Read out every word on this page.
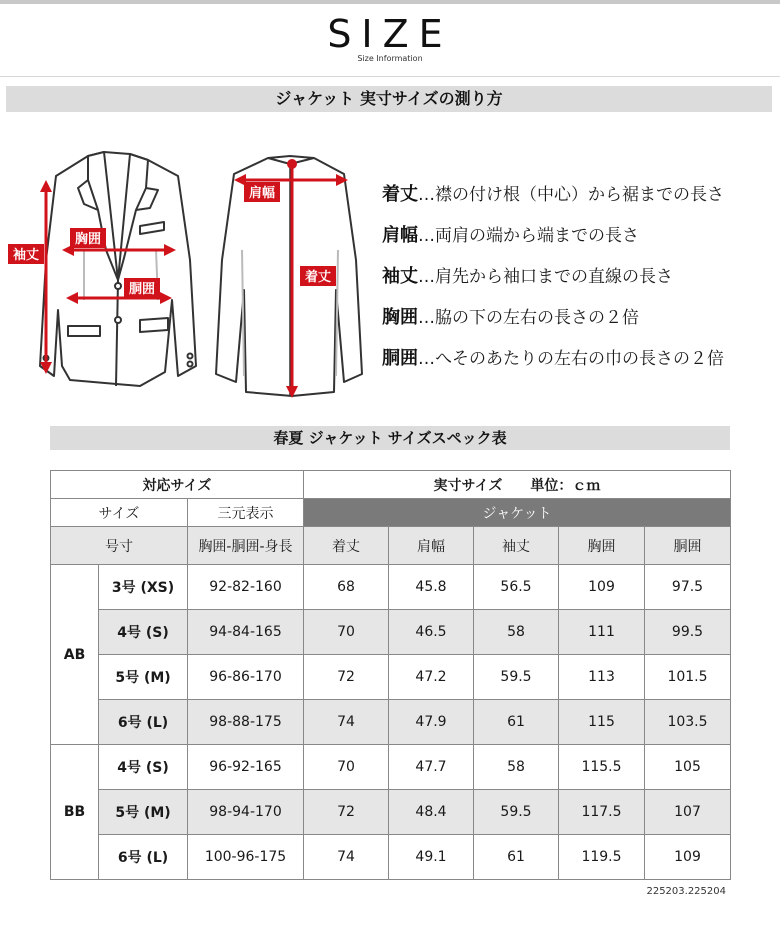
SIZE
Size Information
ジャケット 実寸サイズの測り方
袖丈
胸囲
胴囲
肩幅
着丈
着丈…襟の付け根（中心）から裾までの長さ
肩幅…両肩の端から端までの長さ
袖丈…肩先から袖口までの直線の長さ
胸囲…脇の下の左右の長さの２倍
胴囲…へそのあたりの左右の巾の長さの２倍
春夏 ジャケット サイズスペック表
対応サイズ			実寸サイズ　　単位：ｃｍ				
サイズ		三元表示	ジャケット				
号寸		胸囲-胴囲-身長	着丈	肩幅	袖丈	胸囲	胴囲
AB	3号 (XS)	92-82-160	68	45.8	56.5	109	97.5
	4号 (S)	94-84-165	70	46.5	58	111	99.5
	5号 (M)	96-86-170	72	47.2	59.5	113	101.5
	6号 (L)	98-88-175	74	47.9	61	115	103.5
BB	4号 (S)	96-92-165	70	47.7	58	115.5	105
	5号 (M)	98-94-170	72	48.4	59.5	117.5	107
	6号 (L)	100-96-175	74	49.1	61	119.5	109
225203.225204
